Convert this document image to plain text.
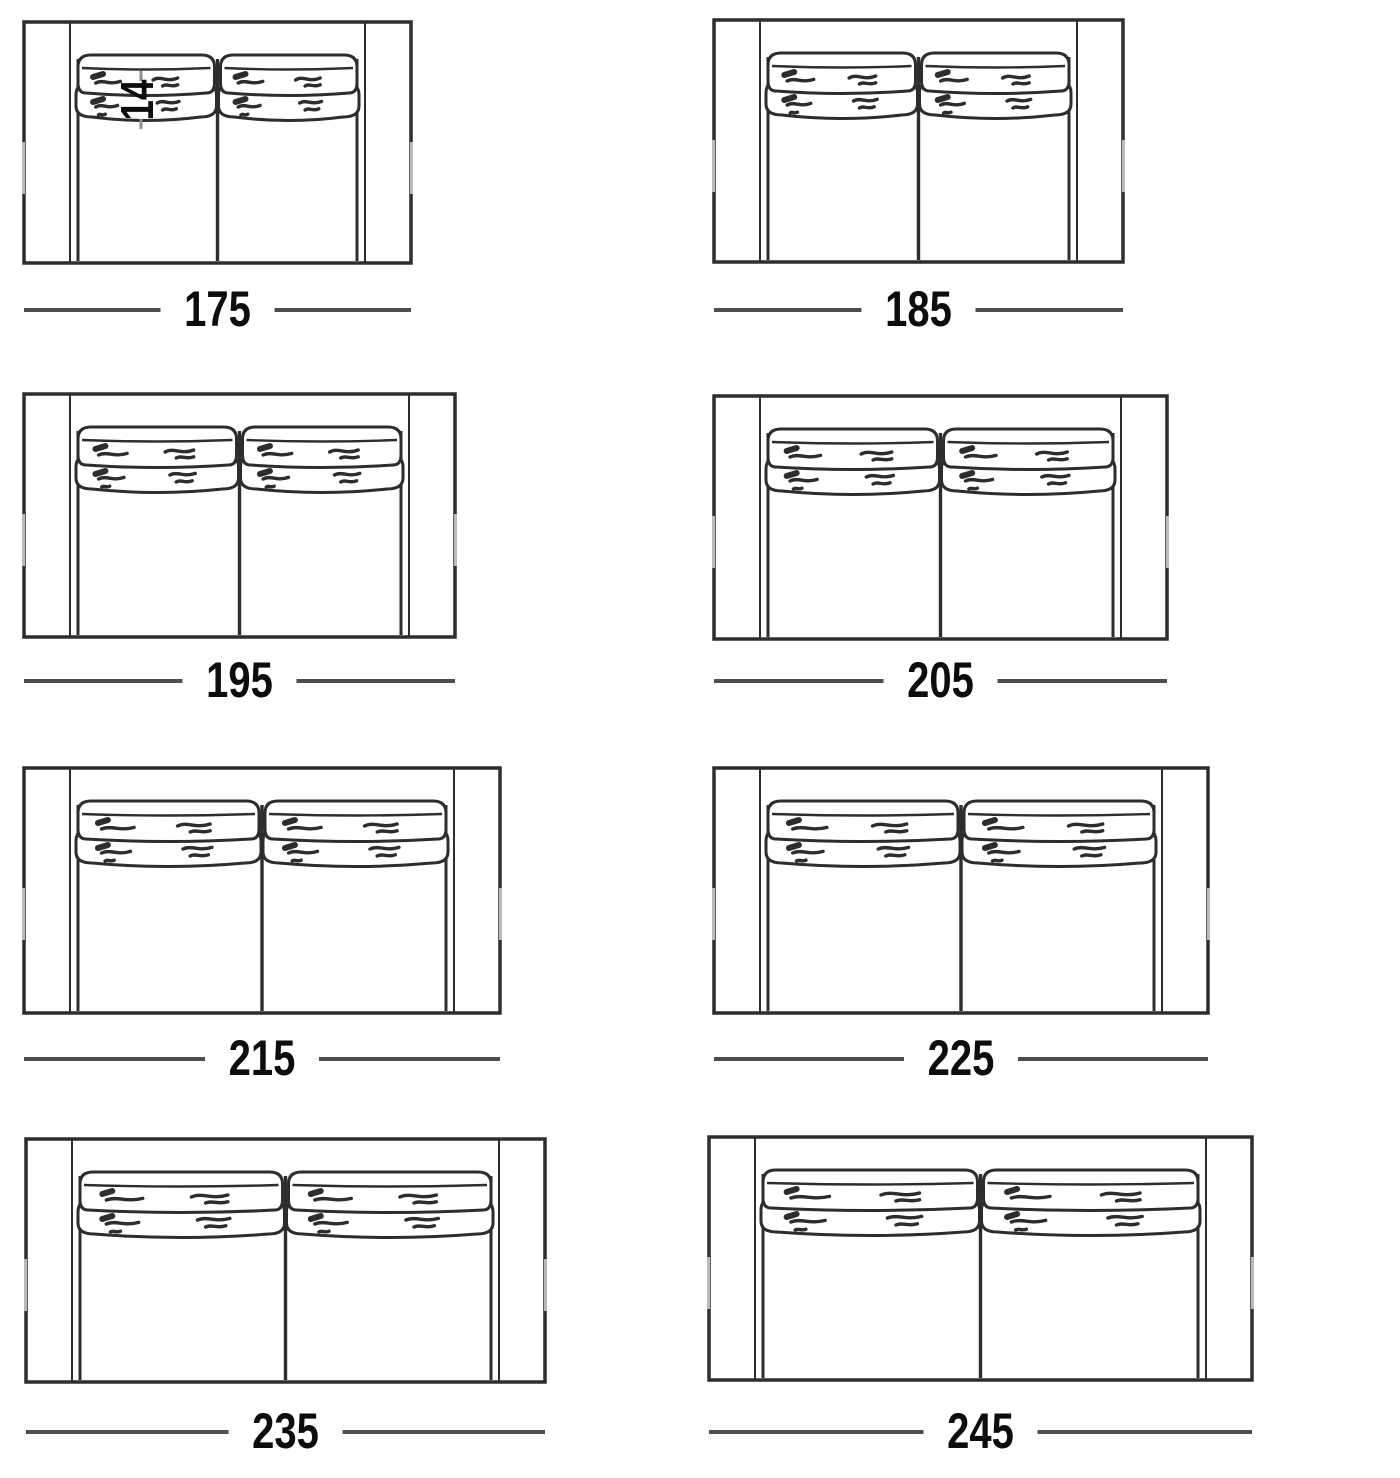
14
175	185
195	205
215	225
235	245
